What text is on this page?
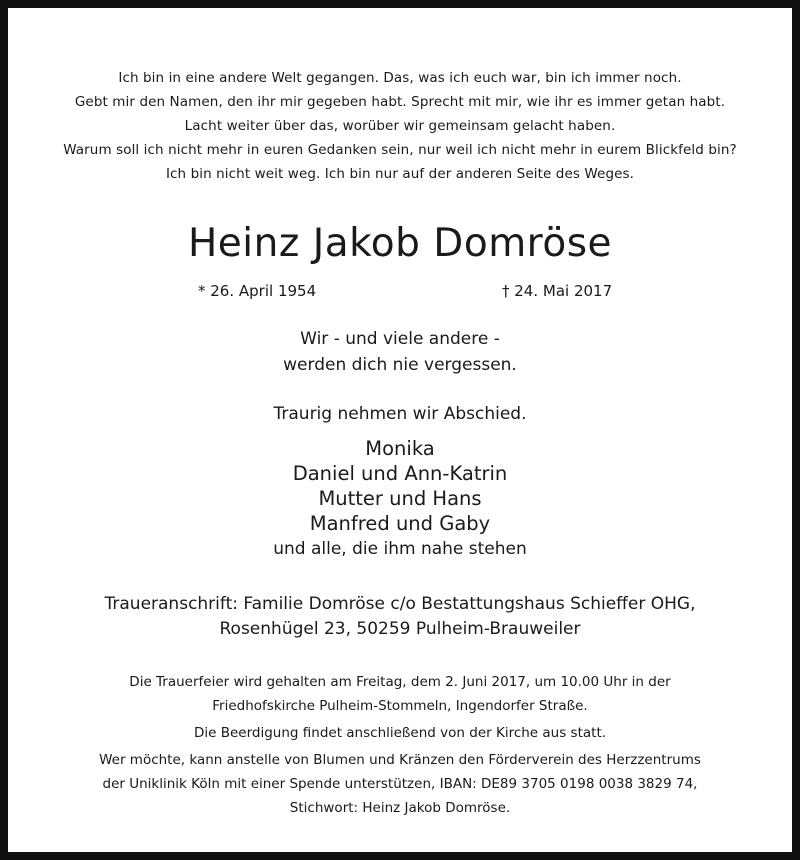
Ich bin in eine andere Welt gegangen. Das, was ich euch war, bin ich immer noch.
Gebt mir den Namen, den ihr mir gegeben habt. Sprecht mit mir, wie ihr es immer getan habt.
Lacht weiter über das, worüber wir gemeinsam gelacht haben.
Warum soll ich nicht mehr in euren Gedanken sein, nur weil ich nicht mehr in eurem Blickfeld bin?
Ich bin nicht weit weg. Ich bin nur auf der anderen Seite des Weges.
Heinz Jakob Domröse
* 26. April 1954	† 24. Mai 2017
Wir - und viele andere -
werden dich nie vergessen.
Traurig nehmen wir Abschied.
Monika
Daniel und Ann-Katrin
Mutter und Hans
Manfred und Gaby
und alle, die ihm nahe stehen
Traueranschrift: Familie Domröse c/o Bestattungshaus Schieffer OHG,
Rosenhügel 23, 50259 Pulheim-Brauweiler
Die Trauerfeier wird gehalten am Freitag, dem 2. Juni 2017, um 10.00 Uhr in der
Friedhofskirche Pulheim-Stommeln, Ingendorfer Straße.
Die Beerdigung findet anschließend von der Kirche aus statt.
Wer möchte, kann anstelle von Blumen und Kränzen den Förderverein des Herzzentrums
der Uniklinik Köln mit einer Spende unterstützen, IBAN: DE89 3705 0198 0038 3829 74,
Stichwort: Heinz Jakob Domröse.
